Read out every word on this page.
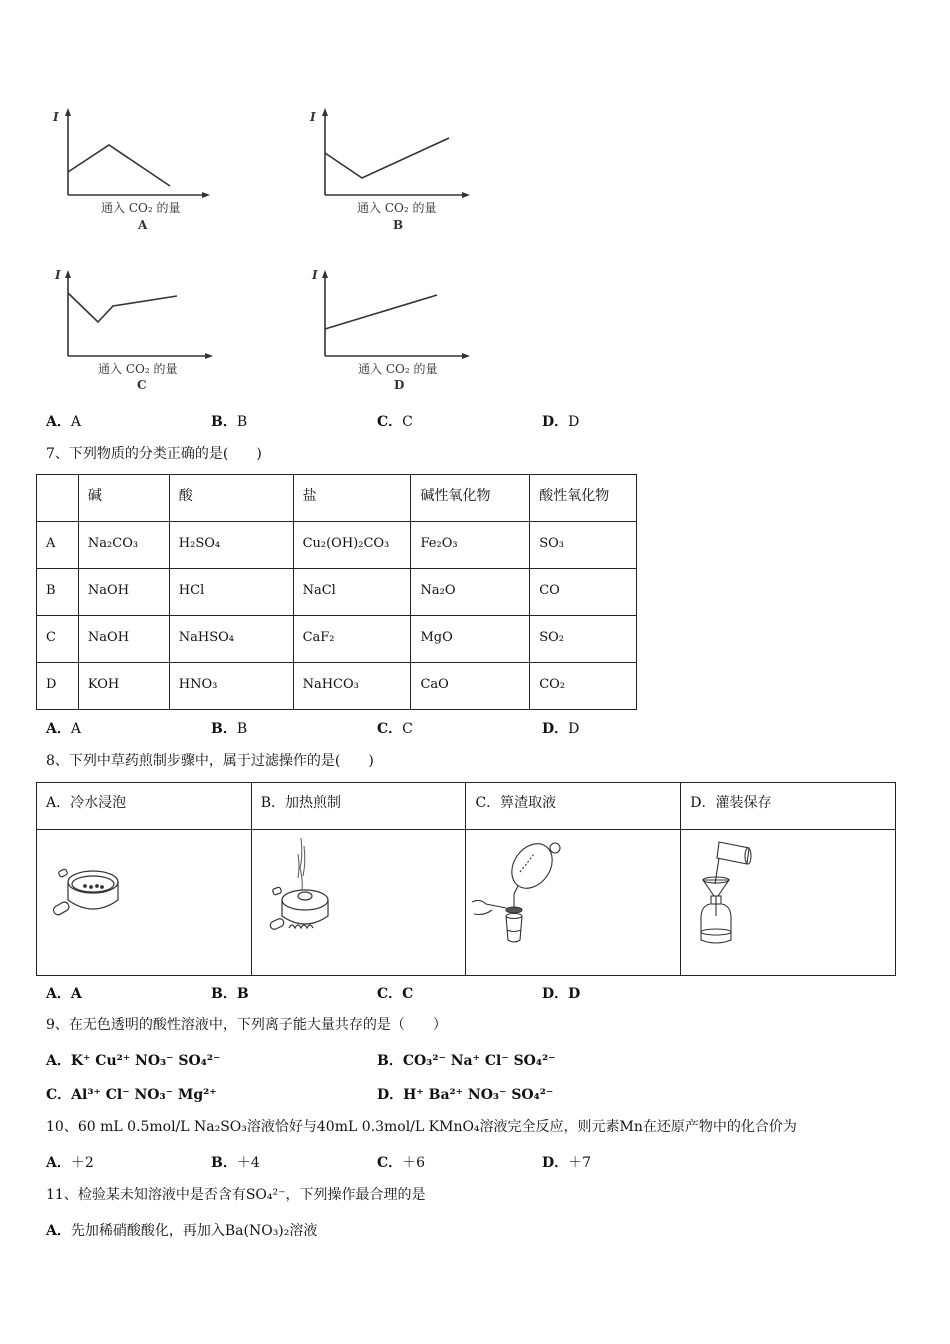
I
通入 CO₂ 的量
A
I
通入 CO₂ 的量
B
I
通入 CO₂ 的量
C
I
通入 CO₂ 的量
D
A．A	B．B	C．C	D．D
7、下列物质的分类正确的是(　　)
	碱	酸	盐	碱性氧化物	酸性氧化物
A	Na₂CO₃	H₂SO₄	Cu₂(OH)₂CO₃	Fe₂O₃	SO₃
B	NaOH	HCl	NaCl	Na₂O	CO
C	NaOH	NaHSO₄	CaF₂	MgO	SO₂
D	KOH	HNO₃	NaHCO₃	CaO	CO₂
A．A	B．B	C．C	D．D
8、下列中草药煎制步骤中，属于过滤操作的是(　　)
A．冷水浸泡	B．加热煎制	C．箅渣取液	D．灌装保存

A．A	B．B	C．C	D．D
9、在无色透明的酸性溶液中，下列离子能大量共存的是（　　）
A．K⁺ Cu²⁺ NO₃⁻ SO₄²⁻	B．CO₃²⁻ Na⁺ Cl⁻ SO₄²⁻
C．Al³⁺ Cl⁻ NO₃⁻ Mg²⁺	D．H⁺ Ba²⁺ NO₃⁻ SO₄²⁻
10、60 mL 0.5mol/L Na₂SO₃溶液恰好与40mL 0.3mol/L KMnO₄溶液完全反应，则元素Mn在还原产物中的化合价为
A．＋2	B．＋4	C．＋6	D．＋7
11、检验某未知溶液中是否含有SO₄²⁻，下列操作最合理的是
A．先加稀硝酸酸化，再加入Ba(NO₃)₂溶液
